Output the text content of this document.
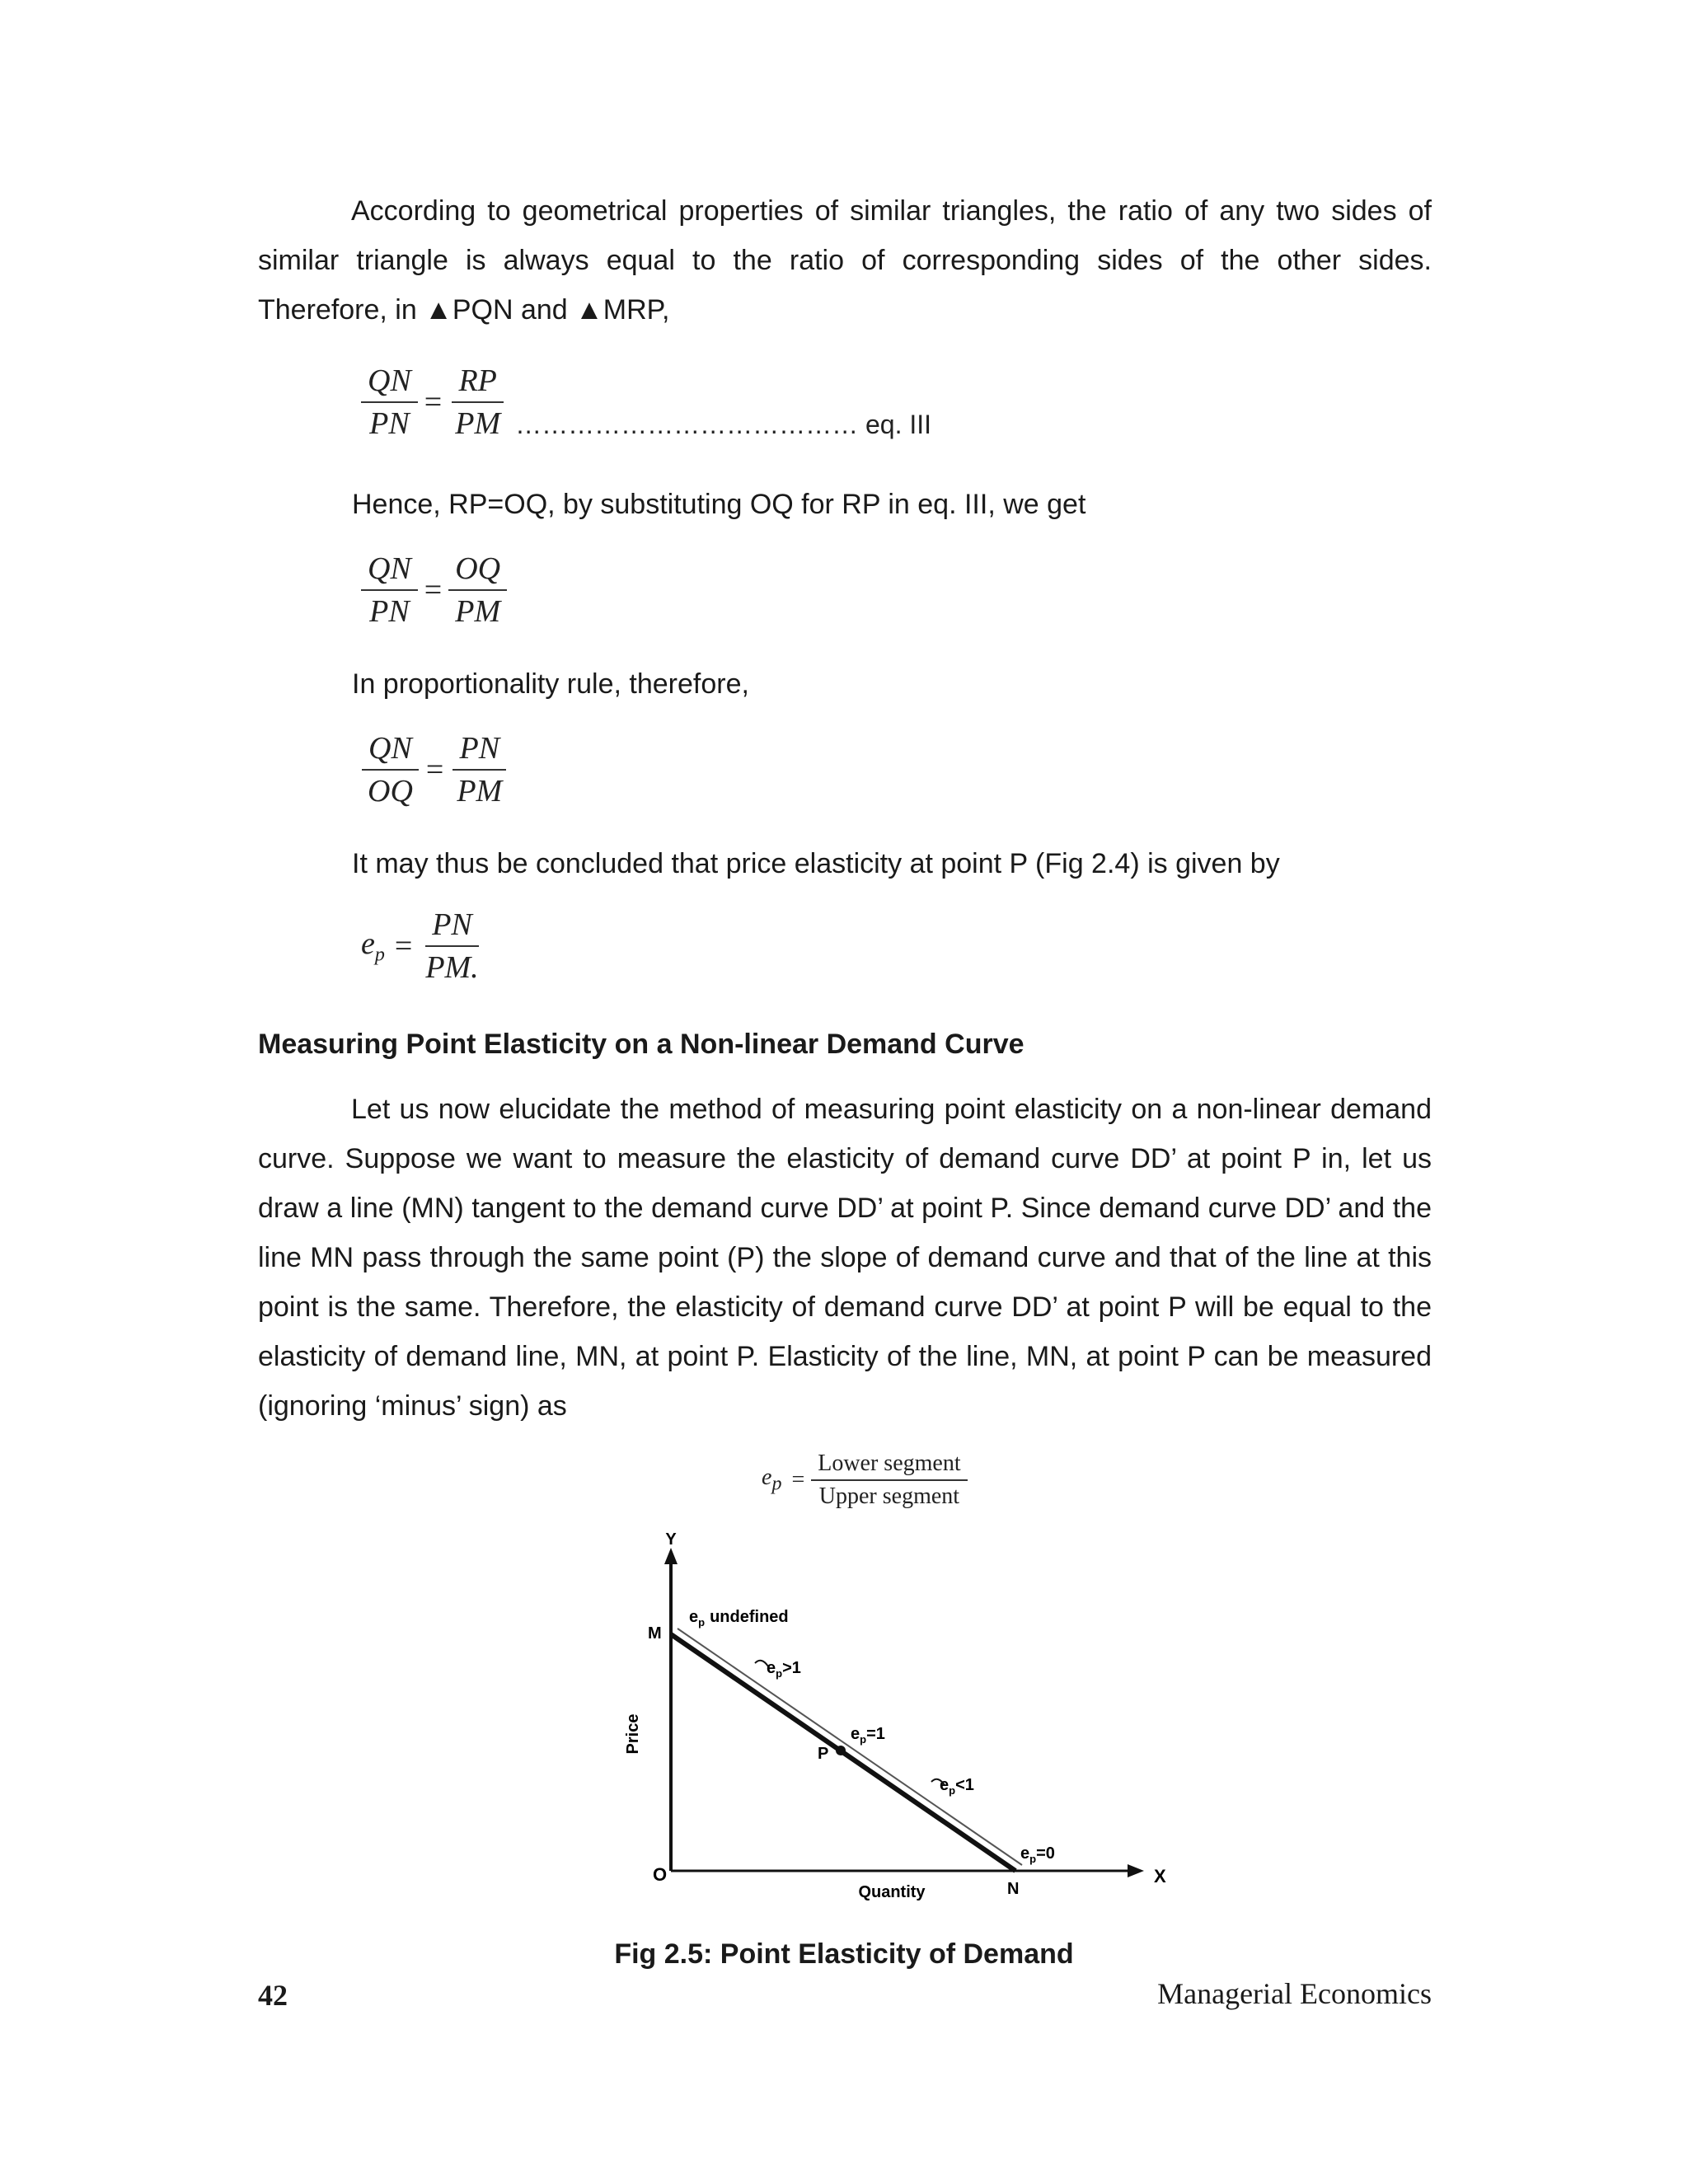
According to geometrical properties of similar triangles, the ratio of any two sides of similar triangle is always equal to the ratio of corresponding sides of the other sides. Therefore, in ▲PQN and ▲MRP,

$\frac{QN}{PN} = \frac{RP}{PM}$ ………………………………… eq. III

Hence, RP=OQ, by substituting OQ for RP in eq. III, we get

$\frac{QN}{PN} = \frac{OQ}{PM}$

In proportionality rule, therefore,

$\frac{QN}{OQ} = \frac{PN}{PM}$

It may thus be concluded that price elasticity at point P (Fig 2.4) is given by

$e_p = \frac{PN}{PM.}$

Measuring Point Elasticity on a Non-linear Demand Curve

Let us now elucidate the method of measuring point elasticity on a non-linear demand curve. Suppose we want to measure the elasticity of demand curve DD’ at point P in, let us draw a line (MN) tangent to the demand curve DD’ at point P. Since demand curve DD’ and the line MN pass through the same point (P) the slope of demand curve and that of the line at this point is the same. Therefore, the elasticity of demand curve DD’ at point P will be equal to the elasticity of demand line, MN, at point P. Elasticity of the line, MN, at point P can be measured (ignoring ‘minus’ sign) as

$e_p$ =
Lower segment
Upper segment
Y
X
O
M
N
P
Price
Quantity
$e_p$ undefined
$e_p>1$
$e_p=1$
$e_p<1$
$e_p=0$

Fig 2.5: Point Elasticity of Demand

42	Managerial Economics
